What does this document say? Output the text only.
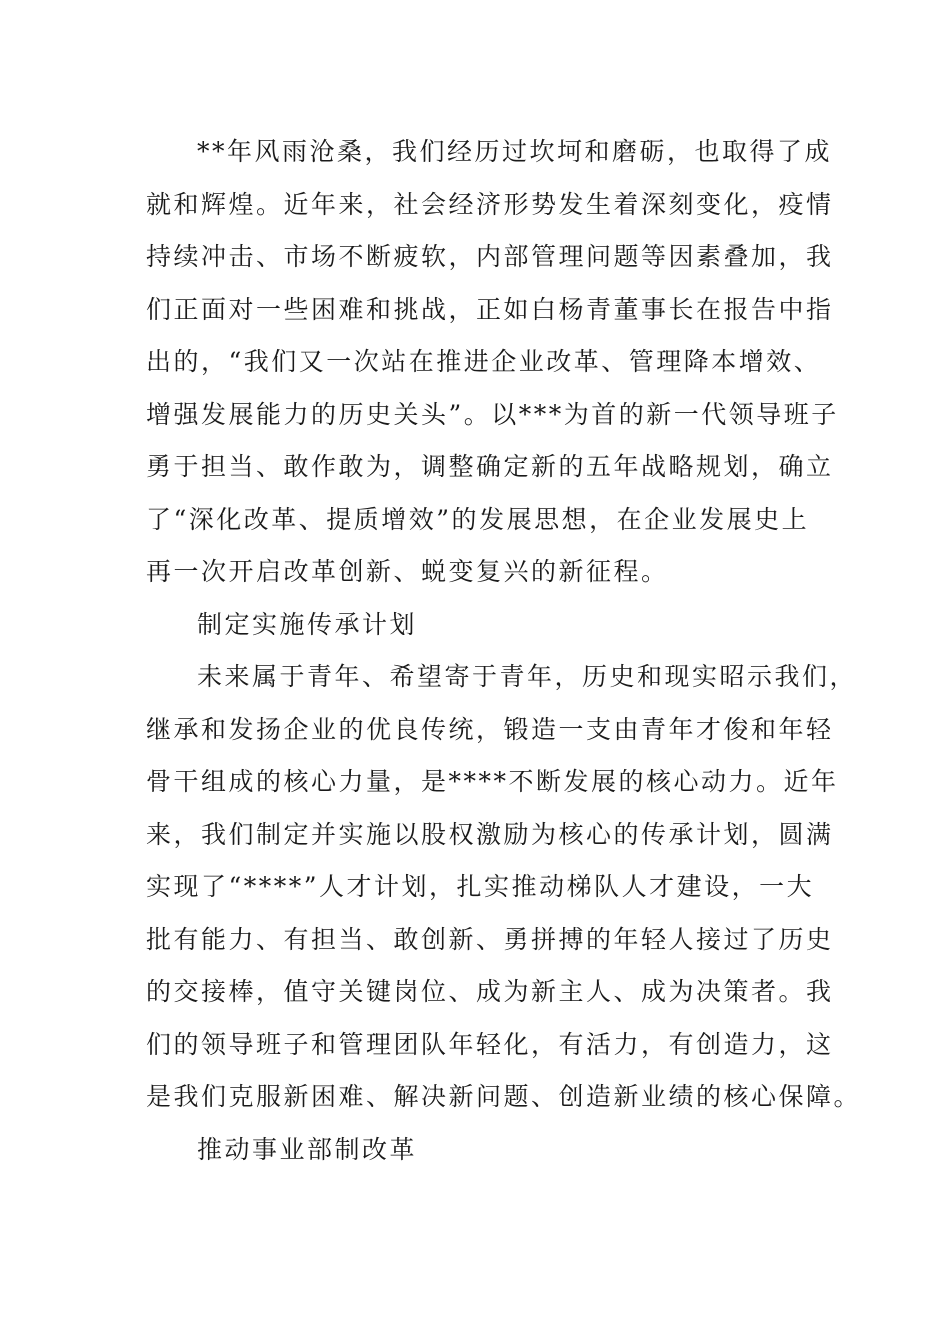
**年风雨沧桑，我们经历过坎坷和磨砺，也取得了成
就和辉煌。近年来，社会经济形势发生着深刻变化，疫情
持续冲击、市场不断疲软，内部管理问题等因素叠加，我
们正面对一些困难和挑战，正如白杨青董事长在报告中指
出的，“我们又一次站在推进企业改革、管理降本增效、
增强发展能力的历史关头”。以***为首的新一代领导班子
勇于担当、敢作敢为，调整确定新的五年战略规划，确立
了“深化改革、提质增效”的发展思想，在企业发展史上
再一次开启改革创新、蜕变复兴的新征程。
制定实施传承计划
未来属于青年、希望寄于青年，历史和现实昭示我们，
继承和发扬企业的优良传统，锻造一支由青年才俊和年轻
骨干组成的核心力量，是****不断发展的核心动力。近年
来，我们制定并实施以股权激励为核心的传承计划，圆满
实现了“****”人才计划，扎实推动梯队人才建设，一大
批有能力、有担当、敢创新、勇拼搏的年轻人接过了历史
的交接棒，值守关键岗位、成为新主人、成为决策者。我
们的领导班子和管理团队年轻化，有活力，有创造力，这
是我们克服新困难、解决新问题、创造新业绩的核心保障。
推动事业部制改革
